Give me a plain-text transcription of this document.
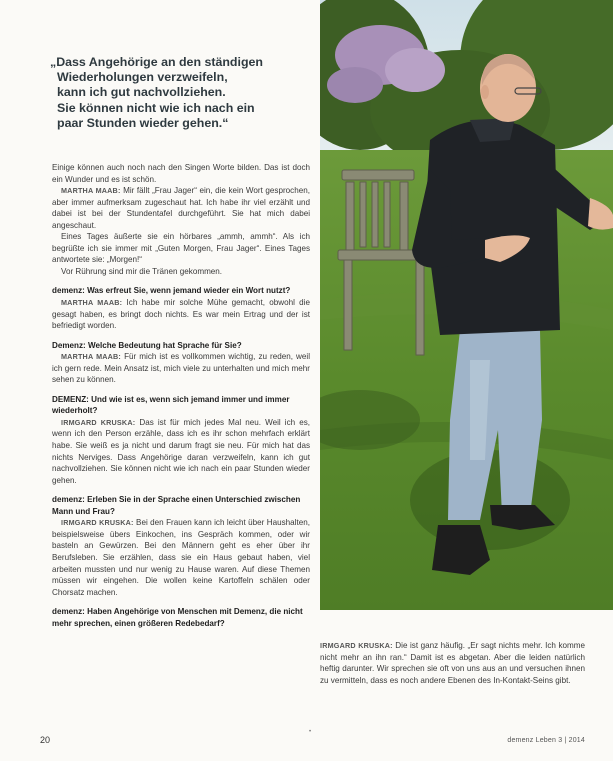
„Dass Angehörige an den ständigen
Wiederholungen verzweifeln,
kann ich gut nachvollziehen.
Sie können nicht wie ich nach ein
paar Stunden wieder gehen.“

Einige können auch noch nach den Singen Worte bilden. Das ist doch ein Wunder und es ist schön.

MARTHA MAAB: Mir fällt „Frau Jager“ ein, die kein Wort gesprochen, aber immer aufmerksam zugeschaut hat. Ich habe ihr viel erzählt und dabei ist bei der Stundentafel durchgeführt. Sie hat mich dabei angeschaut.

Eines Tages äußerte sie ein hörbares „ammh, ammh“. Als ich begrüßte ich sie immer mit „Guten Morgen, Frau Jager“. Eines Tages antwortete sie: „Morgen!“

Vor Rührung sind mir die Tränen gekommen.

demenz: Was erfreut Sie, wenn jemand wieder ein Wort nutzt?

MARTHA MAAB: Ich habe mir solche Mühe gemacht, obwohl die gesagt haben, es bringt doch nichts. Es war mein Ertrag und der ist befriedigt worden.

Demenz: Welche Bedeutung hat Sprache für Sie?

MARTHA MAAB: Für mich ist es vollkommen wichtig, zu reden, weil ich gern rede. Mein Ansatz ist, mich viele zu unterhalten und mich mehr sehen zu können.

DEMENZ: Und wie ist es, wenn sich jemand immer und immer wiederholt?

IRMGARD KRUSKA: Das ist für mich jedes Mal neu. Weil ich es, wenn ich den Person erzähle, dass ich es ihr schon mehrfach erklärt habe. Sie weiß es ja nicht und darum fragt sie neu. Für mich hat das nichts Nerviges. Dass Angehörige daran verzweifeln, kann ich gut nachvollziehen. Sie können nicht wie ich nach ein paar Stunden wieder gehen.

demenz: Erleben Sie in der Sprache einen Unterschied zwischen Mann und Frau?

IRMGARD KRUSKA: Bei den Frauen kann ich leicht über Haushalten, beispielsweise übers Einkochen, ins Gespräch kommen, oder wir basteln an Gewürzen. Bei den Männern geht es eher über ihr Berufsleben. Sie erzählen, dass sie ein Haus gebaut haben, viel arbeiten mussten und nur wenig zu Hause waren. Auf diese Themen müssen wir eingehen. Die wollen keine Kartoffeln schälen oder Chorsatz machen.

demenz: Haben Angehörige von Menschen mit Demenz, die nicht mehr sprechen, einen größeren Redebedarf?

IRMGARD KRUSKA: Die ist ganz häufig. „Er sagt nichts mehr. Ich komme nicht mehr an ihn ran.“ Damit ist es abgetan. Aber die leiden natürlich heftig darunter. Wir sprechen sie oft von uns aus an und versuchen ihnen zu vermitteln, dass es noch andere Ebenen des In-Kontakt-Seins gibt.

20
•
demenz Leben 3 | 2014
